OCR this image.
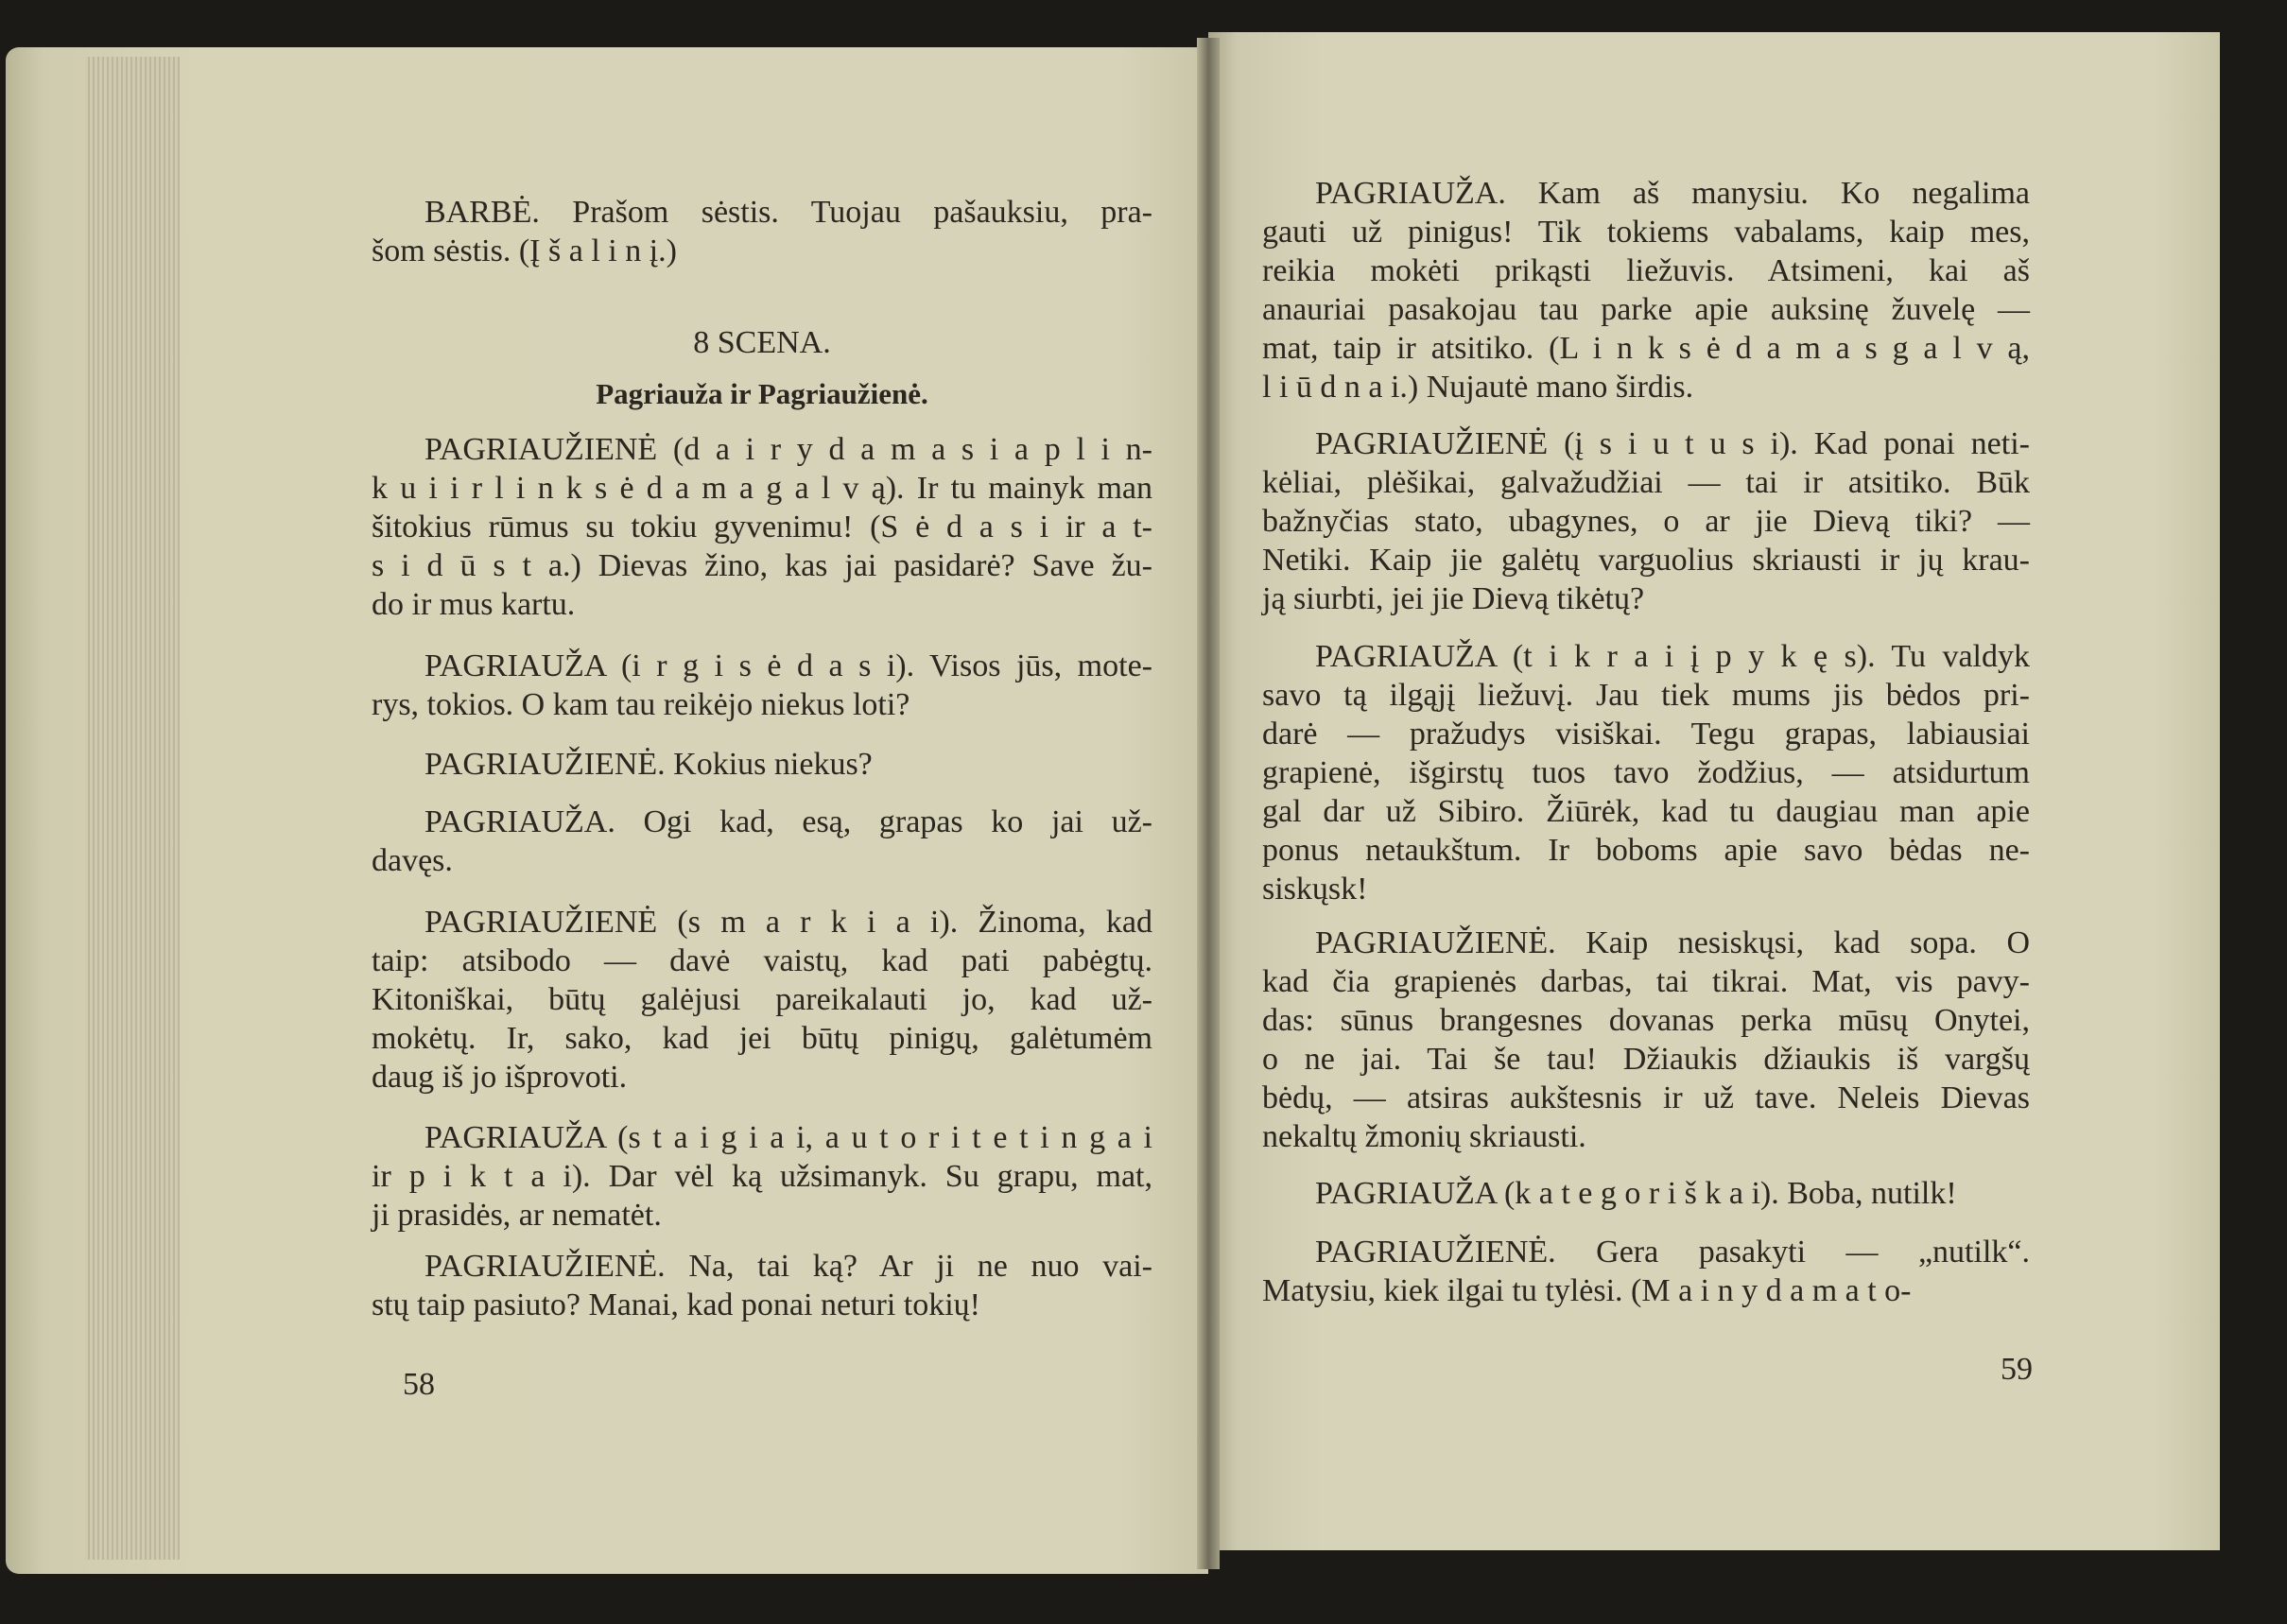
BARBĖ. Prašom sėstis. Tuojau pašauksiu, pra-
šom sėstis. (Į š a l i n į.)
8 SCENA.
Pagriauža ir Pagriaužienė.
PAGRIAUŽIENĖ (d a i r y d a m a s i a p l i n-
k u i i r l i n k s ė d a m a g a l v ą). Ir tu mainyk man
šitokius rūmus su tokiu gyvenimu! (S ė d a s i ir a t-
s i d ū s t a.) Dievas žino, kas jai pasidarė? Save žu-
do ir mus kartu.
PAGRIAUŽA (i r g i s ė d a s i). Visos jūs, mote-
rys, tokios. O kam tau reikėjo niekus loti?
PAGRIAUŽIENĖ. Kokius niekus?
PAGRIAUŽA. Ogi kad, esą, grapas ko jai už-
davęs.
PAGRIAUŽIENĖ (s m a r k i a i). Žinoma, kad
taip: atsibodo — davė vaistų, kad pati pabėgtų.
Kitoniškai, būtų galėjusi pareikalauti jo, kad už-
mokėtų. Ir, sako, kad jei būtų pinigų, galėtumėm
daug iš jo išprovoti.
PAGRIAUŽA (s t a i g i a i, a u t o r i t e t i n g a i
ir p i k t a i). Dar vėl ką užsimanyk. Su grapu, mat,
ji prasidės, ar nematėt.
PAGRIAUŽIENĖ. Na, tai ką? Ar ji ne nuo vai-
stų taip pasiuto? Manai, kad ponai neturi tokių!
58
PAGRIAUŽA. Kam aš manysiu. Ko negalima
gauti už pinigus! Tik tokiems vabalams, kaip mes,
reikia mokėti prikąsti liežuvis. Atsimeni, kai aš
anauriai pasakojau tau parke apie auksinę žuvelę —
mat, taip ir atsitiko. (L i n k s ė d a m a s g a l v ą,
l i ū d n a i.) Nujautė mano širdis.
PAGRIAUŽIENĖ (į s i u t u s i). Kad ponai neti-
kėliai, plėšikai, galvažudžiai — tai ir atsitiko. Būk
bažnyčias stato, ubagynes, o ar jie Dievą tiki? —
Netiki. Kaip jie galėtų varguolius skriausti ir jų krau-
ją siurbti, jei jie Dievą tikėtų?
PAGRIAUŽA (t i k r a i į p y k ę s). Tu valdyk
savo tą ilgąjį liežuvį. Jau tiek mums jis bėdos pri-
darė — pražudys visiškai. Tegu grapas, labiausiai
grapienė, išgirstų tuos tavo žodžius, — atsidurtum
gal dar už Sibiro. Žiūrėk, kad tu daugiau man apie
ponus netaukštum. Ir boboms apie savo bėdas ne-
siskųsk!
PAGRIAUŽIENĖ. Kaip nesiskųsi, kad sopa. O
kad čia grapienės darbas, tai tikrai. Mat, vis pavy-
das: sūnus brangesnes dovanas perka mūsų Onytei,
o ne jai. Tai še tau! Džiaukis džiaukis iš vargšų
bėdų, — atsiras aukštesnis ir už tave. Neleis Dievas
nekaltų žmonių skriausti.
PAGRIAUŽA (k a t e g o r i š k a i). Boba, nutilk!
PAGRIAUŽIENĖ. Gera pasakyti — „nutilk“.
Matysiu, kiek ilgai tu tylėsi. (M a i n y d a m a t o-
59
